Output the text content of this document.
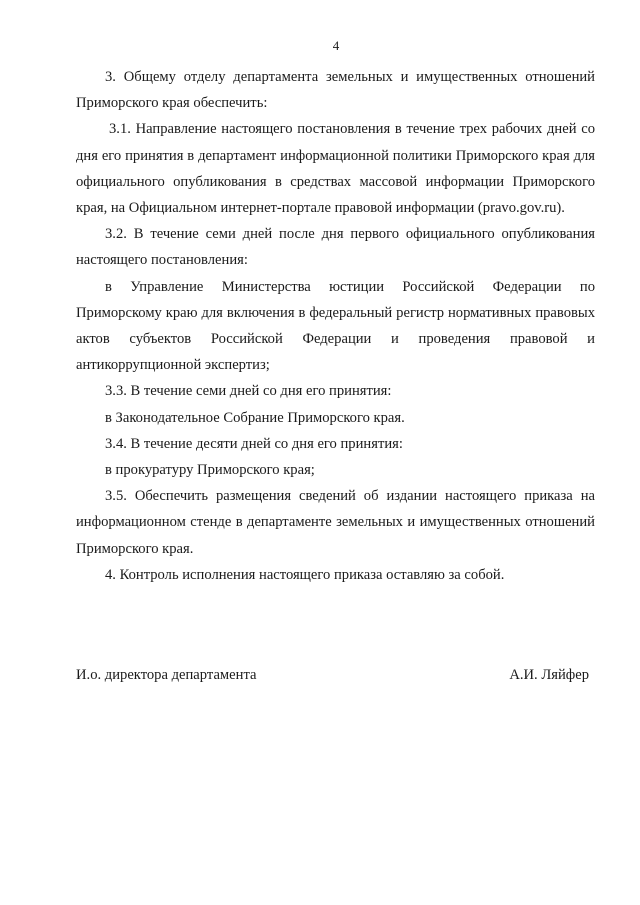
4

3. Общему отделу департамента земельных и имущественных отношений Приморского края обеспечить:

3.1. Направление настоящего постановления в течение трех рабочих дней со дня его принятия в департамент информационной политики Приморского края для официального опубликования в средствах массовой информации Приморского края, на Официальном интернет-портале правовой информации (pravo.gov.ru).

3.2. В течение семи дней после дня первого официального опубликования настоящего постановления:

в Управление Министерства юстиции Российской Федерации по Приморскому краю для включения в федеральный регистр нормативных правовых актов субъектов Российской Федерации и проведения правовой и антикоррупционной экспертиз;

3.3. В течение семи дней со дня его принятия:

в Законодательное Собрание Приморского края.

3.4. В течение десяти дней со дня его принятия:

в прокуратуру Приморского края;

3.5. Обеспечить размещения сведений об издании настоящего приказа на информационном стенде в департаменте земельных и имущественных отношений Приморского края.

4. Контроль исполнения настоящего приказа оставляю за собой.

И.о. директора департамента	А.И. Ляйфер
